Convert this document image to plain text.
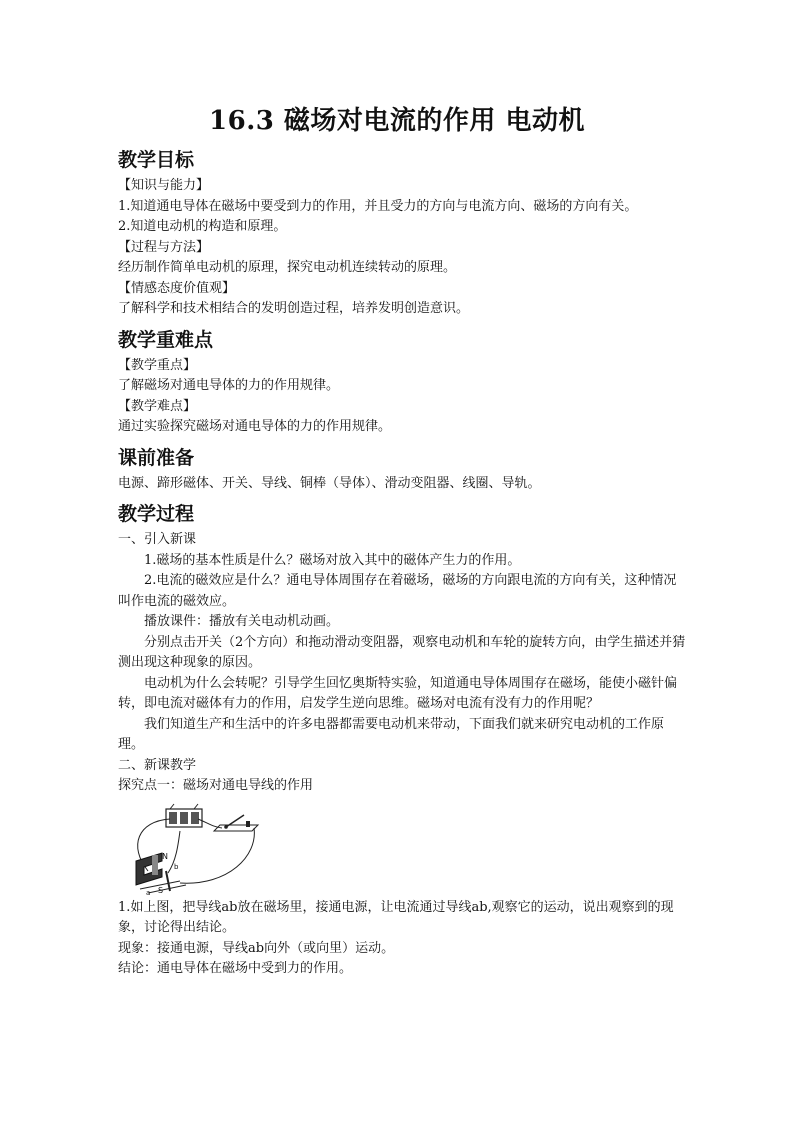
16.3 磁场对电流的作用 电动机
教学目标

【知识与能力】

1.知道通电导体在磁场中要受到力的作用，并且受力的方向与电流方向、磁场的方向有关。

2.知道电动机的构造和原理。

【过程与方法】

经历制作简单电动机的原理，探究电动机连续转动的原理。

【情感态度价值观】

了解科学和技术相结合的发明创造过程，培养发明创造意识。

教学重难点

【教学重点】

了解磁场对通电导体的力的作用规律。

【教学难点】

通过实验探究磁场对通电导体的力的作用规律。

课前准备

电源、蹄形磁体、开关、导线、铜棒（导体）、滑动变阻器、线圈、导轨。

教学过程

一、引入新课

1.磁场的基本性质是什么？磁场对放入其中的磁体产生力的作用。

2.电流的磁效应是什么？通电导体周围存在着磁场，磁场的方向跟电流的方向有关，这种情况叫作电流的磁效应。

播放课件：播放有关电动机动画。

分别点击开关（2个方向）和拖动滑动变阻器，观察电动机和车轮的旋转方向，由学生描述并猜测出现这种现象的原因。

电动机为什么会转呢？引导学生回忆奥斯特实验，知道通电导体周围存在磁场，能使小磁针偏转，即电流对磁体有力的作用，启发学生逆向思维。磁场对电流有没有力的作用呢？

我们知道生产和生活中的许多电器都需要电动机来带动，下面我们就来研究电动机的工作原理。

二、新课教学

探究点一：磁场对通电导线的作用

N
a
b

1.如上图，把导线ab放在磁场里，接通电源，让电流通过导线ab,观察它的运动，说出观察到的现象，讨论得出结论。

现象：接通电源，导线ab向外（或向里）运动。

结论：通电导体在磁场中受到力的作用。
